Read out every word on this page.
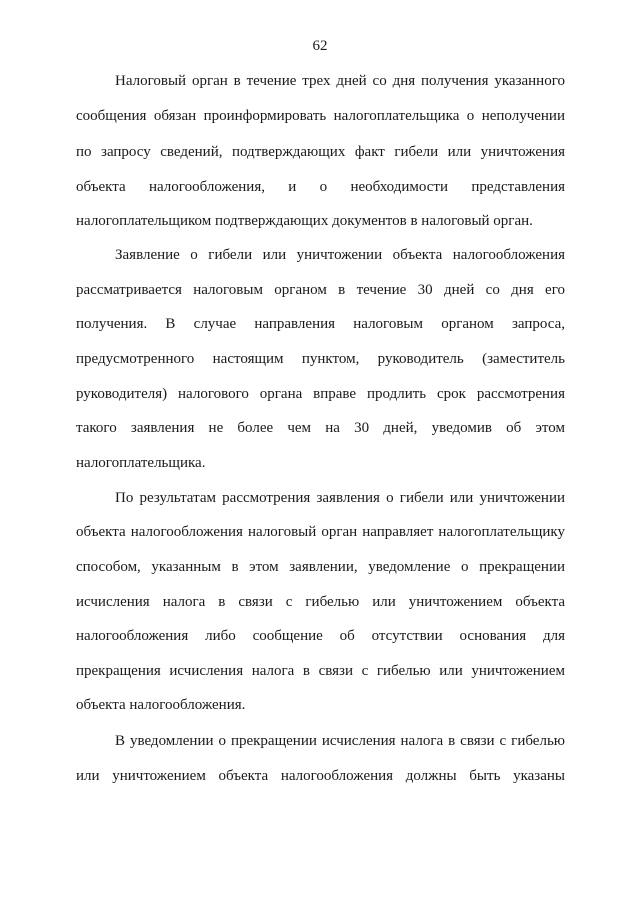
62
Налоговый орган в течение трех дней со дня получения указанного
сообщения обязан проинформировать налогоплательщика о неполучении
по запросу сведений, подтверждающих факт гибели или уничтожения
объекта налогообложения, и о необходимости представления
налогоплательщиком подтверждающих документов в налоговый орган.
Заявление о гибели или уничтожении объекта налогообложения
рассматривается налоговым органом в течение 30 дней со дня его
получения. В случае направления налоговым органом запроса,
предусмотренного настоящим пунктом, руководитель (заместитель
руководителя) налогового органа вправе продлить срок рассмотрения
такого заявления не более чем на 30 дней, уведомив об этом
налогоплательщика.
По результатам рассмотрения заявления о гибели или уничтожении
объекта налогообложения налоговый орган направляет налогоплательщику
способом, указанным в этом заявлении, уведомление о прекращении
исчисления налога в связи с гибелью или уничтожением объекта
налогообложения либо сообщение об отсутствии основания для
прекращения исчисления налога в связи с гибелью или уничтожением
объекта налогообложения.
В уведомлении о прекращении исчисления налога в связи с гибелью
или уничтожением объекта налогообложения должны быть указаны
